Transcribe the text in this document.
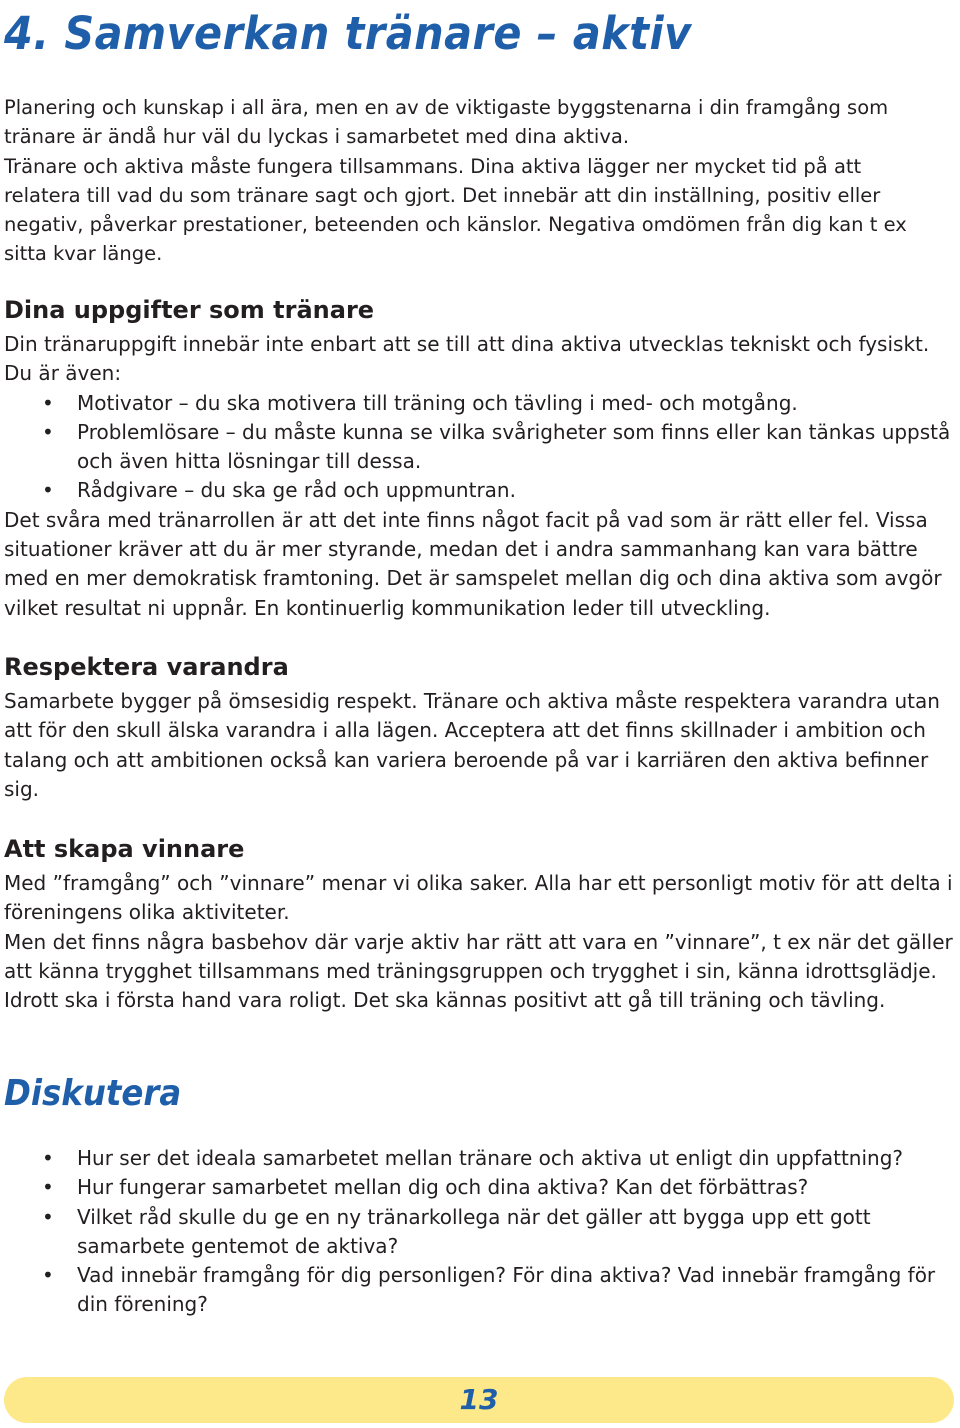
4. Samverkan tränare – aktiv

Planering och kunskap i all ära, men en av de viktigaste byggstenarna i din framgång som

tränare är ändå hur väl du lyckas i samarbetet med dina aktiva.

Tränare och aktiva måste fungera tillsammans. Dina aktiva lägger ner mycket tid på att

relatera till vad du som tränare sagt och gjort. Det innebär att din inställning, positiv eller

negativ, påverkar prestationer, beteenden och känslor. Negativa omdömen från dig kan t ex

sitta kvar länge.

Dina uppgifter som tränare

Din tränaruppgift innebär inte enbart att se till att dina aktiva utvecklas tekniskt och fysiskt.

Du är även:

• Motivator – du ska motivera till träning och tävling i med- och motgång.
• Problemlösare – du måste kunna se vilka svårigheter som finns eller kan tänkas uppstå
och även hitta lösningar till dessa.
• Rådgivare – du ska ge råd och uppmuntran.

Det svåra med tränarrollen är att det inte finns något facit på vad som är rätt eller fel. Vissa

situationer kräver att du är mer styrande, medan det i andra sammanhang kan vara bättre

med en mer demokratisk framtoning. Det är samspelet mellan dig och dina aktiva som avgör

vilket resultat ni uppnår. En kontinuerlig kommunikation leder till utveckling.

Respektera varandra

Samarbete bygger på ömsesidig respekt. Tränare och aktiva måste respektera varandra utan

att för den skull älska varandra i alla lägen. Acceptera att det finns skillnader i ambition och

talang och att ambitionen också kan variera beroende på var i karriären den aktiva befinner

sig.

Att skapa vinnare

Med ”framgång” och ”vinnare” menar vi olika saker. Alla har ett personligt motiv för att delta i

föreningens olika aktiviteter.

Men det finns några basbehov där varje aktiv har rätt att vara en ”vinnare”, t ex när det gäller

att känna trygghet tillsammans med träningsgruppen och trygghet i sin, känna idrottsglädje.

Idrott ska i första hand vara roligt. Det ska kännas positivt att gå till träning och tävling.

Diskutera
• Hur ser det ideala samarbetet mellan tränare och aktiva ut enligt din uppfattning?
• Hur fungerar samarbetet mellan dig och dina aktiva? Kan det förbättras?
• Vilket råd skulle du ge en ny tränarkollega när det gäller att bygga upp ett gott
samarbete gentemot de aktiva?
• Vad innebär framgång för dig personligen? För dina aktiva? Vad innebär framgång för
din förening?
13
